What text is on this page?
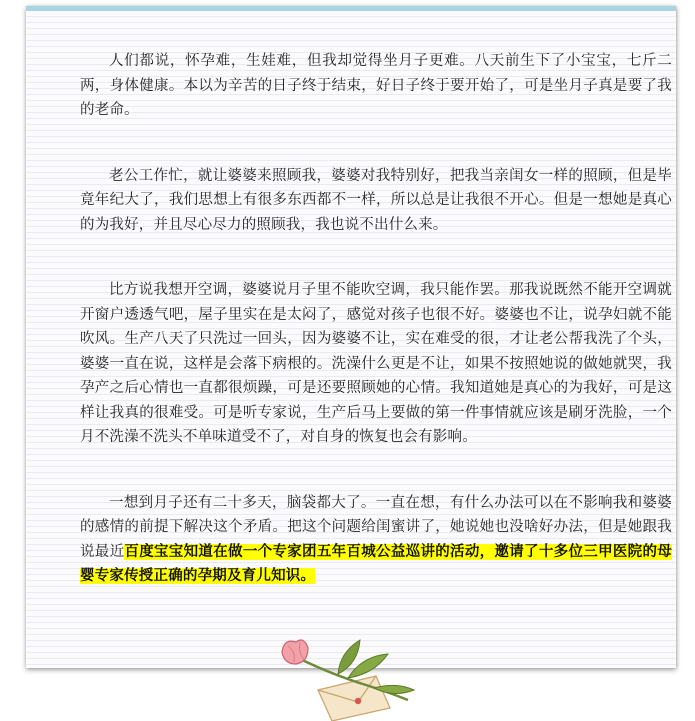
人们都说，怀孕难，生娃难，但我却觉得坐月子更难。八天前生下了小宝宝，七斤二两，身体健康。本以为辛苦的日子终于结束，好日子终于要开始了，可是坐月子真是要了我的老命。

老公工作忙，就让婆婆来照顾我，婆婆对我特别好，把我当亲闺女一样的照顾，但是毕竟年纪大了，我们思想上有很多东西都不一样，所以总是让我很不开心。但是一想她是真心的为我好，并且尽心尽力的照顾我，我也说不出什么来。

比方说我想开空调，婆婆说月子里不能吹空调，我只能作罢。那我说既然不能开空调就开窗户透透气吧，屋子里实在是太闷了，感觉对孩子也很不好。婆婆也不让，说孕妇就不能吹风。生产八天了只洗过一回头，因为婆婆不让，实在难受的很，才让老公帮我洗了个头，婆婆一直在说，这样是会落下病根的。洗澡什么更是不让，如果不按照她说的做她就哭，我孕产之后心情也一直都很烦躁，可是还要照顾她的心情。我知道她是真心的为我好，可是这样让我真的很难受。可是听专家说，生产后马上要做的第一件事情就应该是刷牙洗脸，一个月不洗澡不洗头不单味道受不了，对自身的恢复也会有影响。

一想到月子还有二十多天，脑袋都大了。一直在想，有什么办法可以在不影响我和婆婆的感情的前提下解决这个矛盾。把这个问题给闺蜜讲了，她说她也没啥好办法，但是她跟我说最近百度宝宝知道在做一个专家团五年百城公益巡讲的活动，邀请了十多位三甲医院的母婴专家传授正确的孕期及育儿知识。
